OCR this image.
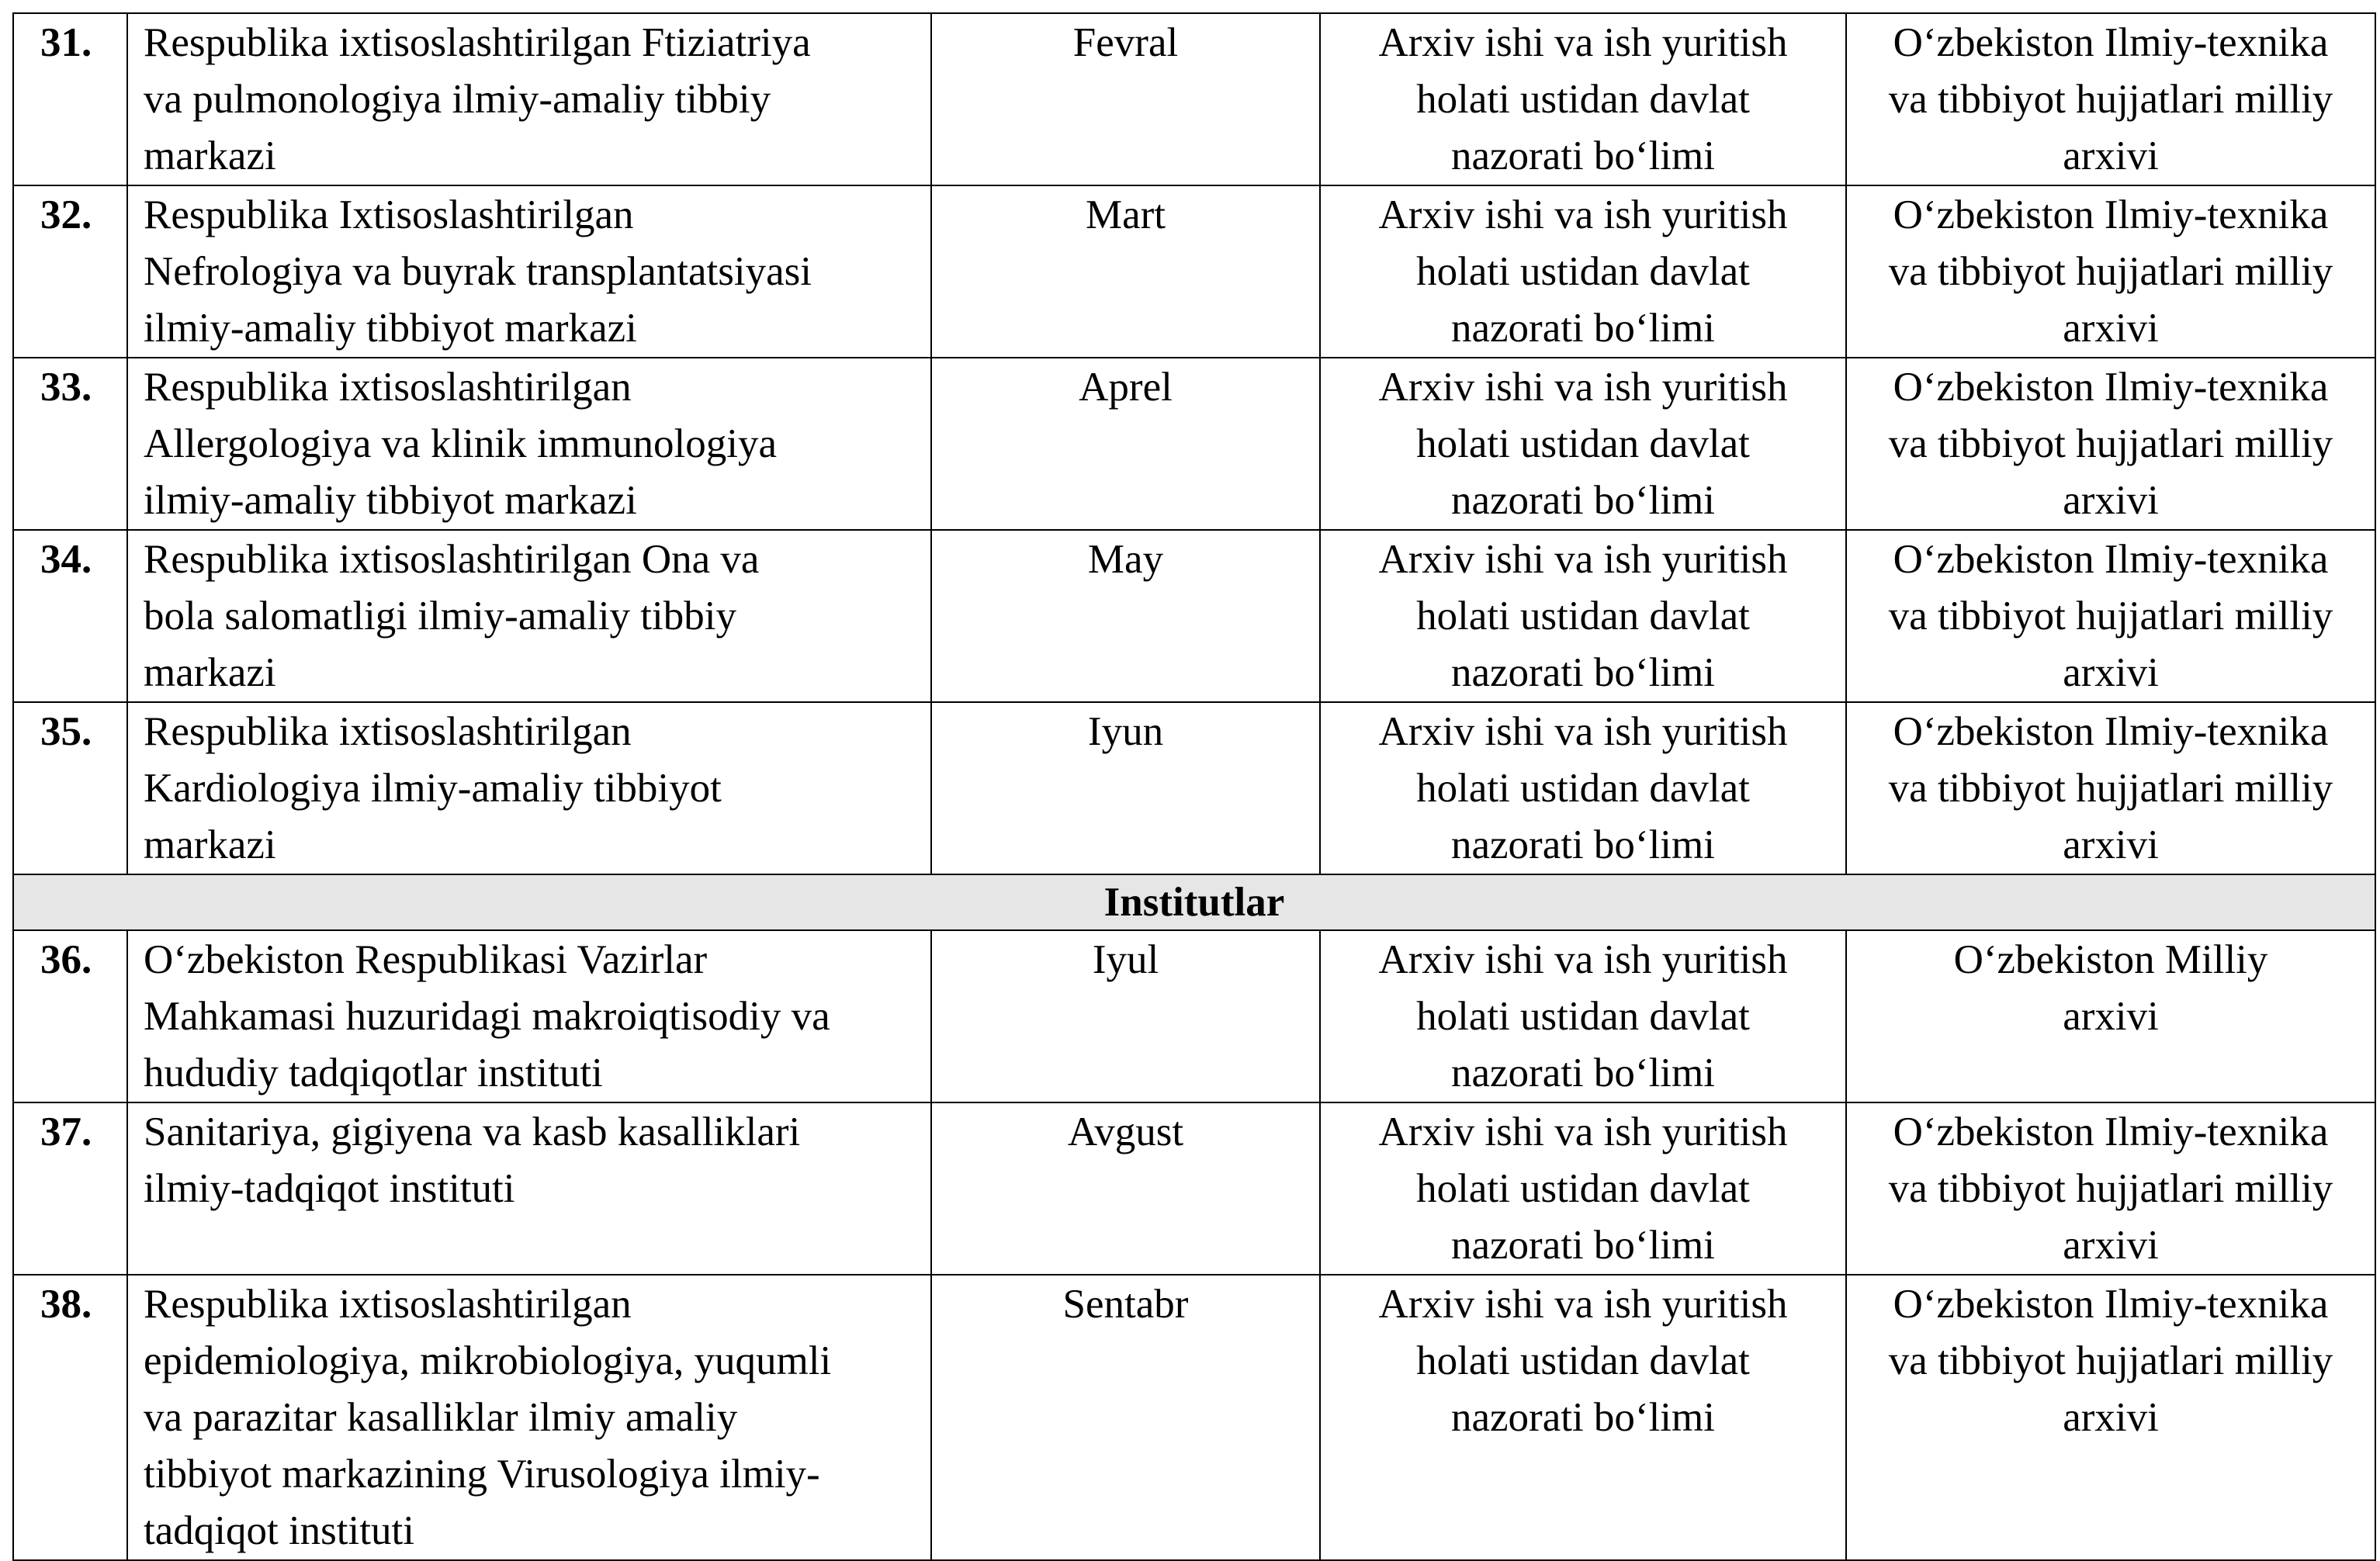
31.	Respublika ixtisoslashtirilgan Ftiziatriya
va pulmonologiya ilmiy-amaliy tibbiy
markazi	Fevral	Arxiv ishi va ish yuritish
holati ustidan davlat
nazorati bo‘limi	O‘zbekiston Ilmiy-texnika
va tibbiyot hujjatlari milliy
arxivi

32.	Respublika Ixtisoslashtirilgan
Nefrologiya va buyrak transplantatsiyasi
ilmiy-amaliy tibbiyot markazi	Mart	Arxiv ishi va ish yuritish
holati ustidan davlat
nazorati bo‘limi	O‘zbekiston Ilmiy-texnika
va tibbiyot hujjatlari milliy
arxivi

33.	Respublika ixtisoslashtirilgan
Allergologiya va klinik immunologiya
ilmiy-amaliy tibbiyot markazi	Aprel	Arxiv ishi va ish yuritish
holati ustidan davlat
nazorati bo‘limi	O‘zbekiston Ilmiy-texnika
va tibbiyot hujjatlari milliy
arxivi

34.	Respublika ixtisoslashtirilgan Ona va
bola salomatligi ilmiy-amaliy tibbiy
markazi	May	Arxiv ishi va ish yuritish
holati ustidan davlat
nazorati bo‘limi	O‘zbekiston Ilmiy-texnika
va tibbiyot hujjatlari milliy
arxivi

35.	Respublika ixtisoslashtirilgan
Kardiologiya ilmiy-amaliy tibbiyot
markazi	Iyun	Arxiv ishi va ish yuritish
holati ustidan davlat
nazorati bo‘limi	O‘zbekiston Ilmiy-texnika
va tibbiyot hujjatlari milliy
arxivi

Institutlar				
36.	O‘zbekiston Respublikasi Vazirlar
Mahkamasi huzuridagi makroiqtisodiy va
hududiy tadqiqotlar instituti	Iyul	Arxiv ishi va ish yuritish
holati ustidan davlat
nazorati bo‘limi	O‘zbekiston Milliy
arxivi

37.	Sanitariya, gigiyena va kasb kasalliklari
ilmiy-tadqiqot instituti	Avgust	Arxiv ishi va ish yuritish
holati ustidan davlat
nazorati bo‘limi	O‘zbekiston Ilmiy-texnika
va tibbiyot hujjatlari milliy
arxivi

38.	Respublika ixtisoslashtirilgan
epidemiologiya, mikrobiologiya, yuqumli
va parazitar kasalliklar ilmiy amaliy
tibbiyot markazining Virusologiya ilmiy-
tadqiqot instituti	Sentabr	Arxiv ishi va ish yuritish
holati ustidan davlat
nazorati bo‘limi	O‘zbekiston Ilmiy-texnika
va tibbiyot hujjatlari milliy
arxivi
